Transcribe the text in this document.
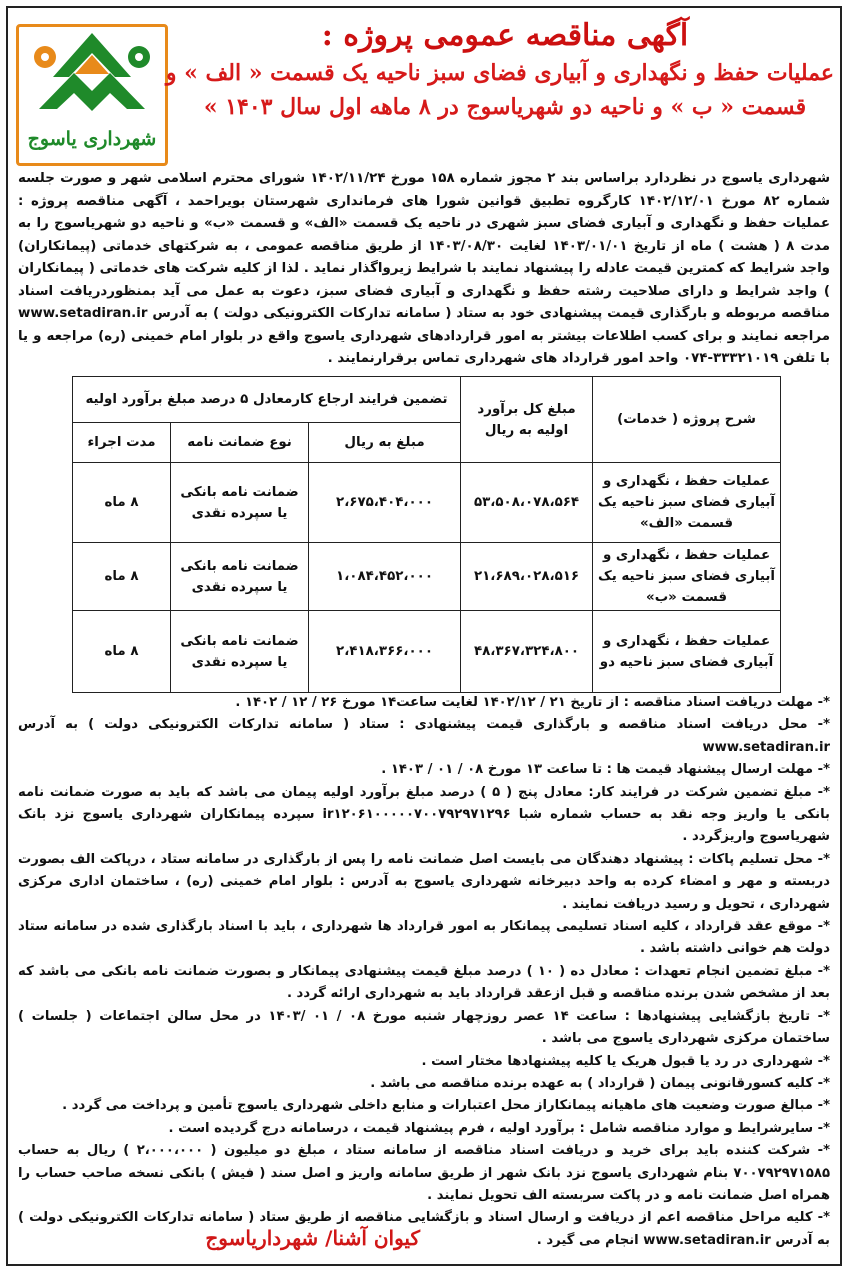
شهرداری یاسوج
آگهی مناقصه عمومی پروژه :
عملیات حفظ و نگهداری و آبیاری فضای سبز ناحیه یک قسمت « الف » و
قسمت « ب » و ناحیه دو شهریاسوج در ۸ ماهه اول سال ۱۴۰۳ »
شهرداری یاسوج در نظردارد براساس بند ۲ مجوز شماره ۱۵۸ مورخ ۱۴۰۲/۱۱/۲۴ شورای محترم اسلامی شهر و صورت جلسه شماره ۸۲ مورخ ۱۴۰۲/۱۲/۰۱ کارگروه تطبیق قوانین شورا های فرمانداری شهرستان بویراحمد ، آگهی مناقصه پروژه : عملیات حفظ و نگهداری و آبیاری فضای سبز شهری در ناحیه یک قسمت «الف» و قسمت «ب» و ناحیه دو شهریاسوج را به مدت ۸ ( هشت ) ماه از تاریخ ۱۴۰۳/۰۱/۰۱ لغایت ۱۴۰۳/۰۸/۳۰ از طریق مناقصه عمومی ، به شرکتهای خدماتی (پیمانکاران) واجد شرایط که کمترین قیمت عادله را پیشنهاد نمایند با شرایط زیرواگذار نماید . لذا از کلیه شرکت های خدماتی ( پیمانکاران ) واجد شرایط و دارای صلاحیت رشته حفظ و نگهداری و آبیاری فضای سبز، دعوت به عمل می آید بمنظوردریافت اسناد مناقصه مربوطه و بارگذاری قیمت پیشنهادی خود به ستاد ( سامانه تدارکات الکترونیکی دولت ) به آدرس www.setadiran.ir مراجعه نمایند و برای کسب اطلاعات بیشتر به امور قراردادهای شهرداری یاسوج واقع در بلوار امام خمینی (ره) مراجعه و یا با تلفن ۳۳۳۲۱۰۱۹-۰۷۴ واحد امور قرارداد های شهرداری تماس برقرارنمایند .
شرح پروژه ( خدمات)	مبلغ کل برآورد اولیه به ریال	تضمین فرایند ارجاع کارمعادل ۵ درصد مبلغ برآورد اولیه		
		مبلغ به ریال	نوع ضمانت نامه	مدت اجراء
عملیات حفظ ، نگهداری و آبیاری فضای سبز ناحیه یک قسمت «الف»	۵۳،۵۰۸،۰۷۸،۵۶۴	۲،۶۷۵،۴۰۴،۰۰۰	ضمانت نامه بانکی یا سپرده نقدی	۸ ماه
عملیات حفظ ، نگهداری و آبیاری فضای سبز ناحیه یک قسمت «ب»	۲۱،۶۸۹،۰۲۸،۵۱۶	۱،۰۸۴،۴۵۲،۰۰۰	ضمانت نامه بانکی یا سپرده نقدی	۸ ماه
عملیات حفظ ، نگهداری و آبیاری فضای سبز ناحیه دو	۴۸،۳۶۷،۳۲۴،۸۰۰	۲،۴۱۸،۳۶۶،۰۰۰	ضمانت نامه بانکی یا سپرده نقدی	۸ ماه

*- مهلت دریافت اسناد مناقصه : از تاریخ ۲۱ / ۱۴۰۲/۱۲ لغایت ساعت۱۴ مورخ ۲۶ / ۱۲ / ۱۴۰۲ .

*- محل دریافت اسناد مناقصه و بارگذاری قیمت پیشنهادی : ستاد ( سامانه تدارکات الکترونیکی دولت ) به آدرس www.setadiran.ir

*- مهلت ارسال پیشنهاد قیمت ها : تا ساعت ۱۳ مورخ ۰۸ / ۰۱ / ۱۴۰۳ .

*- مبلغ تضمین شرکت در فرایند کار: معادل پنج ( ۵ ) درصد مبلغ برآورد اولیه پیمان می باشد که باید به صورت ضمانت نامه بانکی یا واریز وجه نقد به حساب شماره شبا ir۱۲۰۶۱۰۰۰۰۰۷۰۰۷۹۲۹۷۱۲۹۶ سپرده پیمانکاران شهرداری یاسوج نزد بانک شهریاسوج واریزگردد .

*- محل تسلیم پاکات : پیشنهاد دهندگان می بایست اصل ضمانت نامه را پس از بارگذاری در سامانه ستاد ، درپاکت الف بصورت دربسته و مهر و امضاء کرده به واحد دبیرخانه شهرداری یاسوج به آدرس : بلوار امام خمینی (ره) ، ساختمان اداری مرکزی شهرداری ، تحویل و رسید دریافت نمایند .

*- موقع عقد قرارداد ، کلیه اسناد تسلیمی پیمانکار به امور قرارداد ها شهرداری ، باید با اسناد بارگذاری شده در سامانه ستاد دولت هم خوانی داشته باشد .

*- مبلغ تضمین انجام تعهدات : معادل ده ( ۱۰ ) درصد مبلغ قیمت پیشنهادی پیمانکار و بصورت ضمانت نامه بانکی می باشد که بعد از مشخص شدن برنده مناقصه و قبل ازعقد قرارداد باید به شهرداری ارائه گردد .

*- تاریخ بازگشایی پیشنهادها : ساعت ۱۴ عصر روزچهار شنبه مورخ ۰۸ / ۰۱ /۱۴۰۳ در محل سالن اجتماعات ( جلسات ) ساختمان مرکزی شهرداری یاسوج می باشد .

*- شهرداری در رد یا قبول هریک یا کلیه پیشنهادها مختار است .

*- کلیه کسورقانونی پیمان ( قرارداد ) به عهده برنده مناقصه می باشد .

*- مبالغ صورت وضعیت های ماهیانه پیمانکاراز محل اعتبارات و منابع داخلی شهرداری یاسوج تأمین و پرداخت می گردد .

*- سایرشرایط و موارد مناقصه شامل : برآورد اولیه ، فرم پیشنهاد قیمت ، درسامانه درج گردیده است .

*- شرکت کننده باید برای خرید و دریافت اسناد مناقصه از سامانه ستاد ، مبلغ دو میلیون ( ۲،۰۰۰،۰۰۰ ) ریال به حساب ۷۰۰۷۹۲۹۷۱۵۸۵ بنام شهرداری یاسوج نزد بانک شهر از طریق سامانه واریز و اصل سند ( فیش ) بانکی نسخه صاحب حساب را همراه اصل ضمانت نامه و در پاکت سربسته الف تحویل نمایند .

*- کلیه مراحل مناقصه اعم از دریافت و ارسال اسناد و بازگشایی مناقصه از طریق ستاد ( سامانه تدارکات الکترونیکی دولت ) به آدرس www.setadiran.ir انجام می گیرد .

کیوان آشنا/ شهرداریاسوج
